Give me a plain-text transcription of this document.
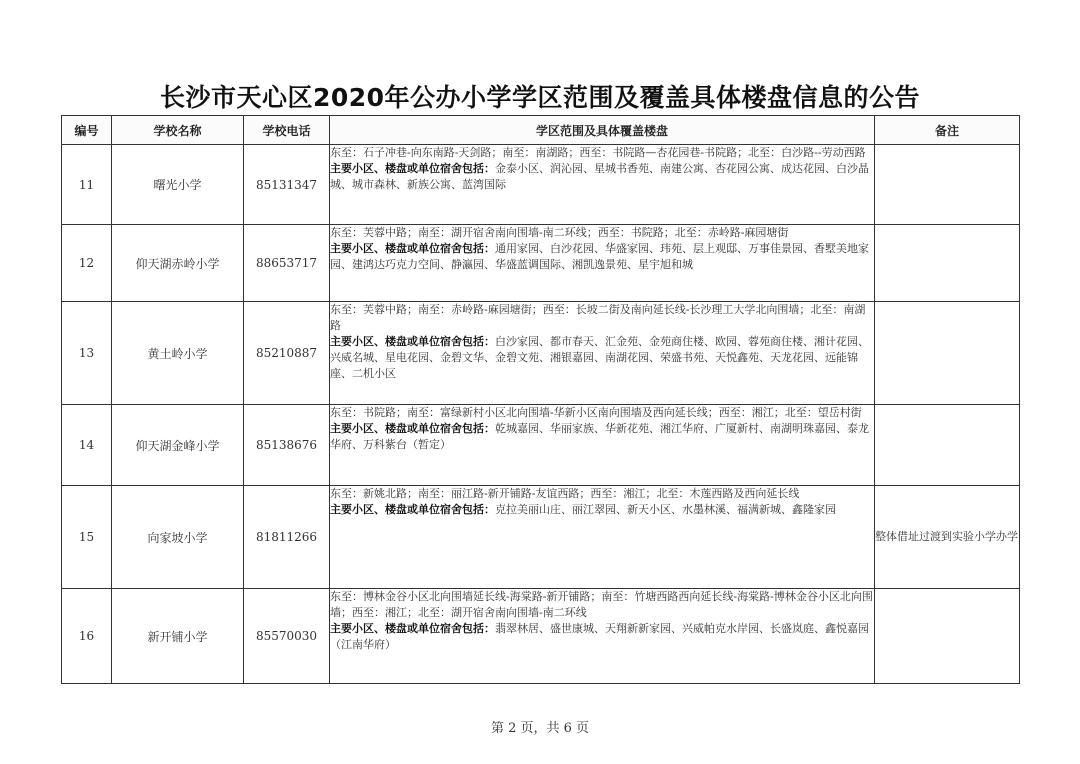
长沙市天心区2020年公办小学学区范围及覆盖具体楼盘信息的公告
编号	学校名称	学校电话	学区范围及具体覆盖楼盘	备注
11	曙光小学	85131347	东至：石子冲巷-向东南路-天剑路；南至：南湖路；西至：书院路—杏花园巷-书院路；北至：白沙路--劳动西路
主要小区、楼盘或单位宿舍包括：金泰小区、润沁园、星城书香苑、南建公寓、杏花园公寓、成达花园、白沙晶城、城市森林、新族公寓、蓝湾国际	

12	仰天湖赤岭小学	88653717	东至：芙蓉中路；南至：湖开宿舍南向围墙-南二环线；西至：书院路；北至：赤岭路-麻园塘街
主要小区、楼盘或单位宿舍包括：通用家园、白沙花园、华盛家园、玮苑、层上观邸、万事佳景园、香墅美地家园、建鸿达巧克力空间、静瀛园、华盛蓝调国际、湘凯逸景苑、星宇旭和城	

13	黄土岭小学	85210887	东至：芙蓉中路；南至：赤岭路-麻园塘街；西至：长坡二街及南向延长线-长沙理工大学北向围墙；北至：南湖路
主要小区、楼盘或单位宿舍包括：白沙家园、都市春天、汇金苑、金苑商住楼、欧园、蓉苑商住楼、湘计花园、兴威名城、星电花园、金碧文华、金碧文苑、湘银嘉园、南湖花园、荣盛书苑、天悦鑫苑、天龙花园、远能锦座、二机小区	

14	仰天湖金峰小学	85138676	东至：书院路；南至：富绿新村小区北向围墙-华新小区南向围墙及西向延长线；西至：湘江；北至：望岳村街
主要小区、楼盘或单位宿舍包括：乾城嘉园、华丽家族、华新花苑、湘江华府、广厦新村、南湖明珠嘉园、泰龙华府、万科紫台（暂定）	

15	向家坡小学	81811266	东至：新姚北路；南至：丽江路-新开铺路-友谊西路；西至：湘江；北至：木莲西路及西向延长线
主要小区、楼盘或单位宿舍包括：克拉美丽山庄、丽江翠园、新天小区、水墨林溪、福满新城、鑫隆家园	整体借址过渡到实验小学办学
16	新开铺小学	85570030	东至：博林金谷小区北向围墙延长线-海棠路-新开铺路；南至：竹塘西路西向延长线-海棠路-博林金谷小区北向围墙；西至：湘江；北至：湖开宿舍南向围墙-南二环线
主要小区、楼盘或单位宿舍包括：翡翠林居、盛世康城、天翔新新家园、兴威帕克水岸园、长盛岚庭、鑫悦嘉园（江南华府）	

第 2 页，共 6 页
